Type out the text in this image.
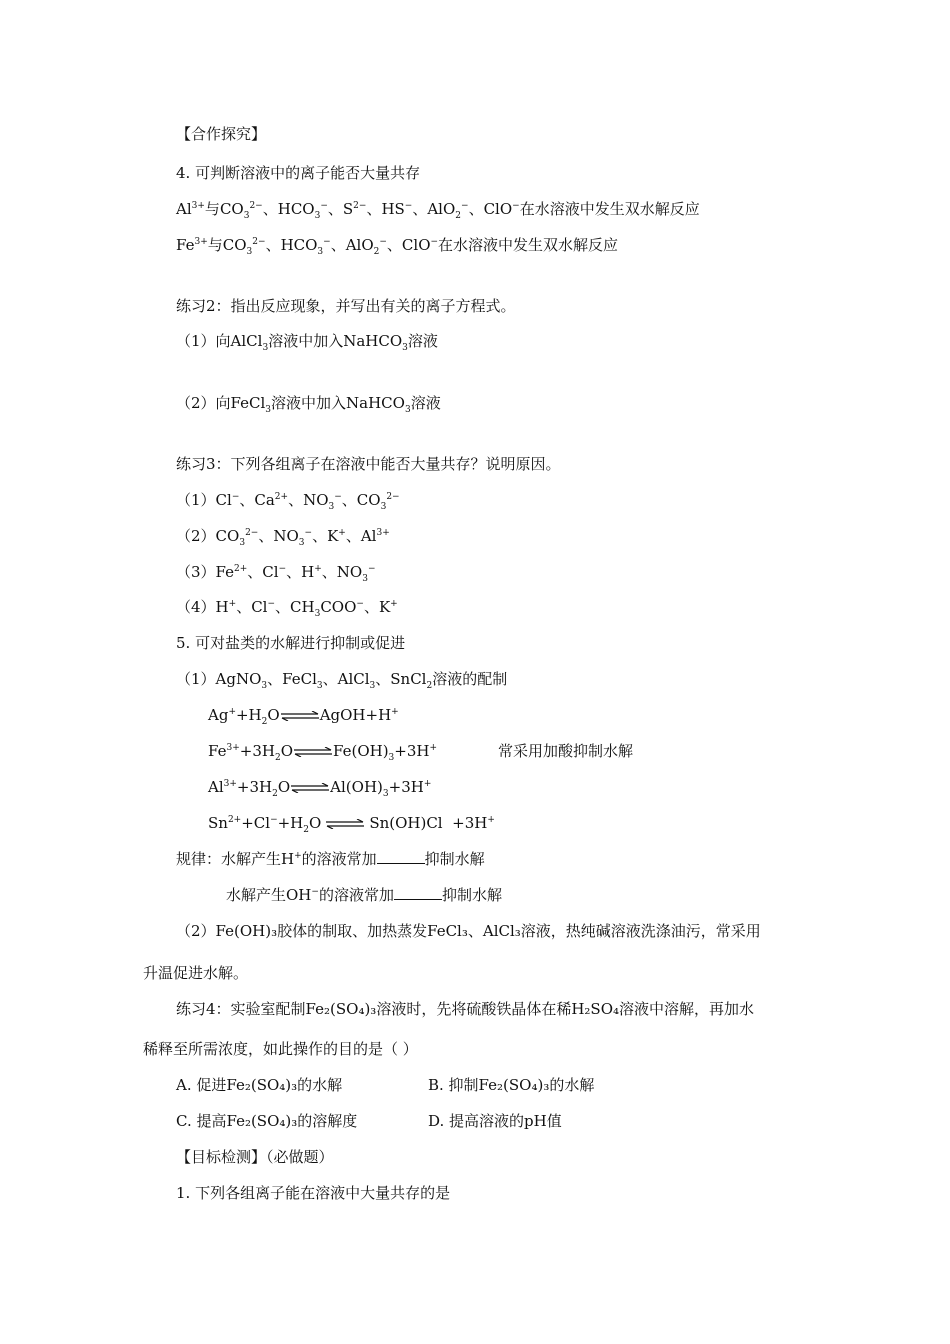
【合作探究】
4. 可判断溶液中的离子能否大量共存
$Al^{3+}$与$CO_3^{2-}$、$HCO_3^-$、$S^{2-}$、HS−、AlO$_2$−、ClO−在水溶液中发生双水解反应
$Fe^{3+}$与$CO_3^{2-}$、$HCO_3^-$、AlO$_2$−、ClO−在水溶液中发生双水解反应
练习2：指出反应现象，并写出有关的离子方程式。
（1）向AlCl$_3$溶液中加入NaHCO$_3$溶液
（2）向FeCl$_3$溶液中加入NaHCO$_3$溶液
练习3：下列各组离子在溶液中能否大量共存？说明原因。
（1）Cl−、$Ca^{2+}$、$NO_3^-$、$CO_3^{2-}$
$(2)CO_3^{2-}$、$NO_3^-$、K+、$Al^{3+}$
$(3)Fe^{2+}$、Cl−、H+、$NO_3^-$
（4）H+、Cl−、$CH_3COO^-$、K+
5. 可对盐类的水解进行抑制或促进
（1）AgNO$_3$、FeCl$_3$、AlCl$_3$、SnCl$_2$溶液的配制
$Ag^++H_2O\rightleftharpoons AgOH+H^+$
$Fe^{3+}+3H_2O\rightleftharpoons Fe(OH)_3+3H^+$	常采用加酸抑制水解
$Al^{3+}+3H_2O\rightleftharpoons Al(OH)_3+3H^+$
$Sn^{2+}+Cl^-+H_2O\rightleftharpoons Sn(OH)Cl +3H^+$
规律：水解产生H+的溶液常加	抑制水解
水解产生OH−的溶液常加	抑制水解
（2）Fe(OH)₃胶体的制取、加热蒸发FeCl₃、AlCl₃溶液，热纯碱溶液洗涤油污，常采用
升温促进水解。
练习4：实验室配制Fe₂(SO₄)₃溶液时，先将硫酸铁晶体在稀H₂SO₄溶液中溶解，再加水
稀释至所需浓度，如此操作的目的是（ ）
A. 促进Fe₂(SO₄)₃的水解	B. 抑制Fe₂(SO₄)₃的水解
C. 提高Fe₂(SO₄)₃的溶解度	D. 提高溶液的pH值
【目标检测】（必做题）
1. 下列各组离子能在溶液中大量共存的是
